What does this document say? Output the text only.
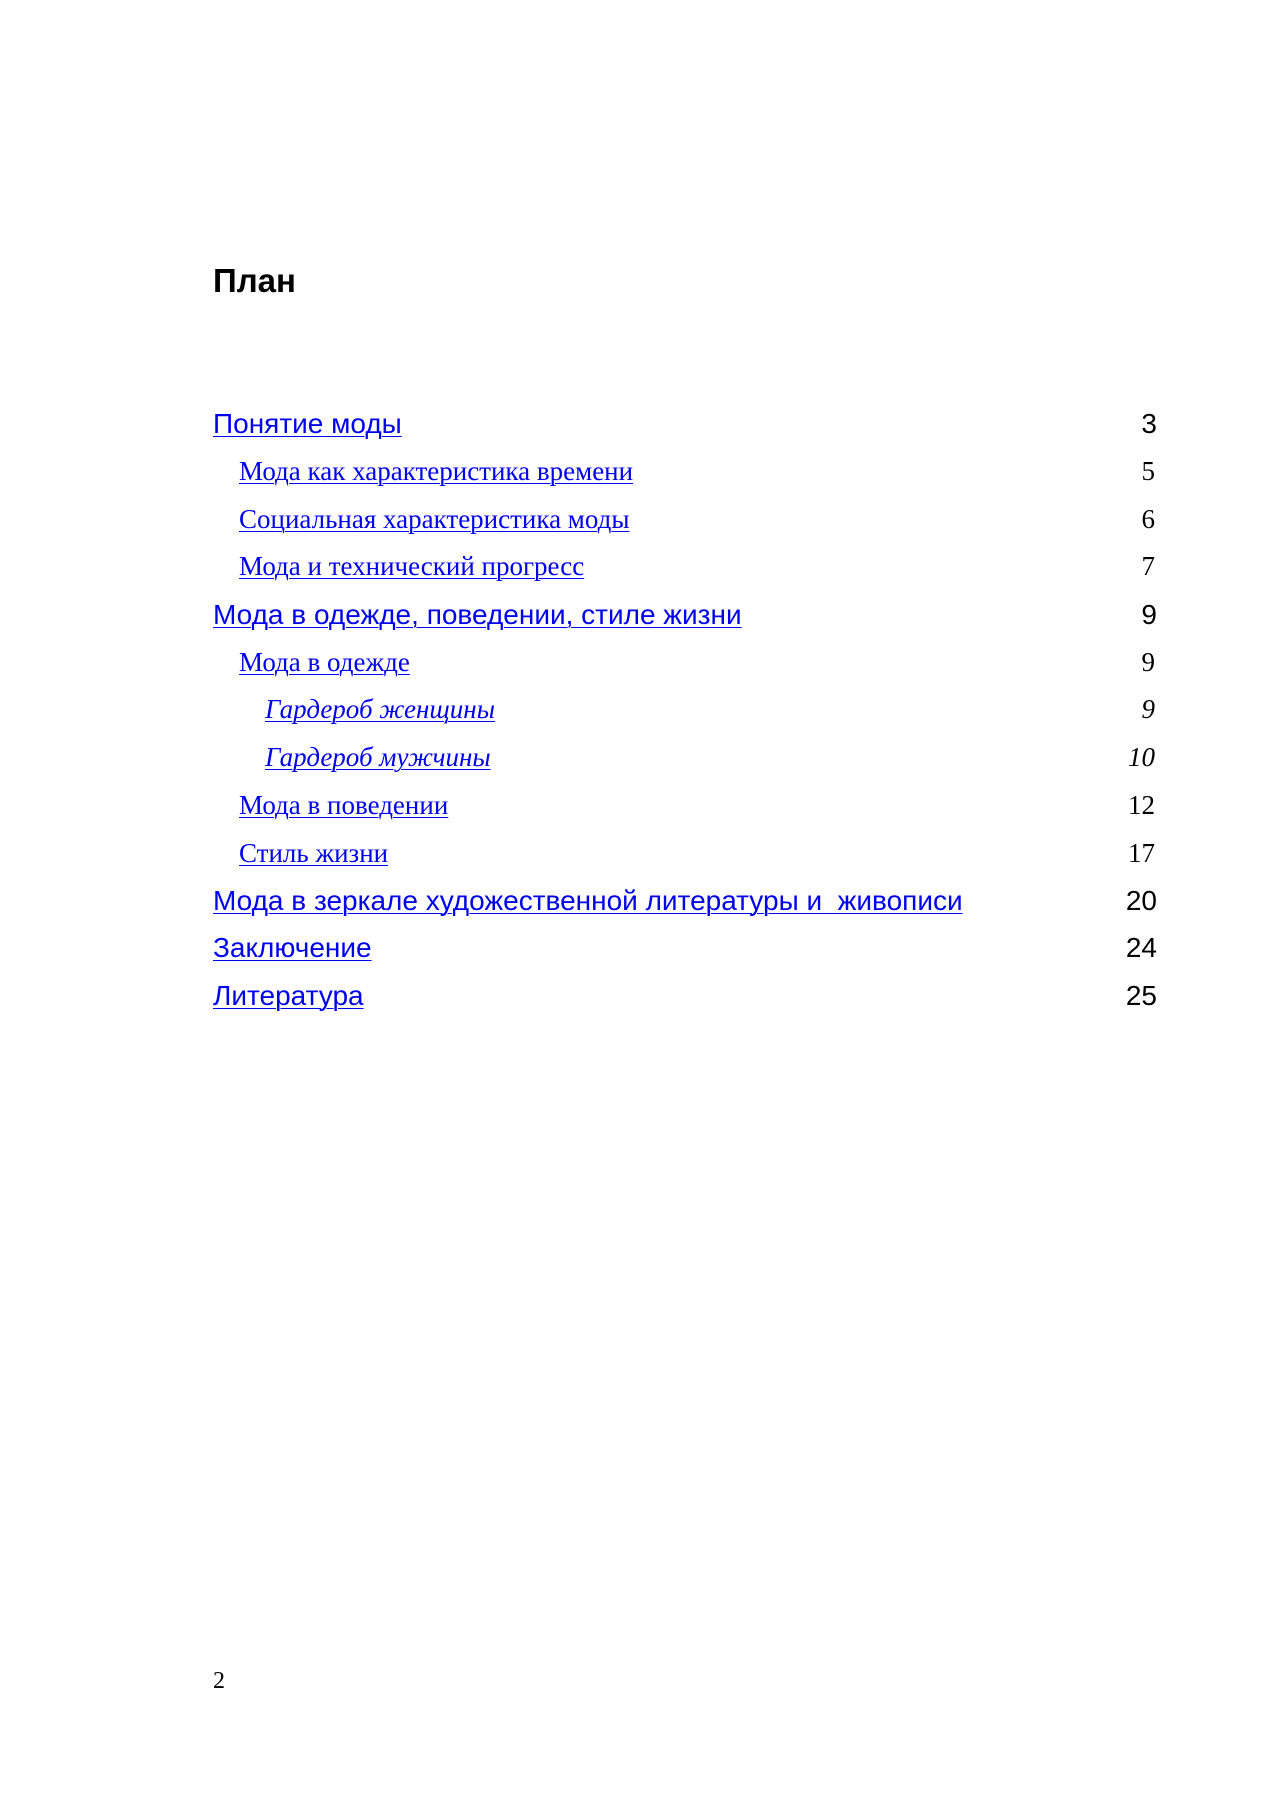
План
Понятие моды	3
Мода как характеристика времени	5
Социальная характеристика моды	6
Мода и технический прогресс	7
Мода в одежде, поведении, стиле жизни	9
Мода в одежде	9
Гардероб женщины	9
Гардероб мужчины	10
Мода в поведении	12
Стиль жизни	17
Мода в зеркале художественной литературы и  живописи	20
Заключение	24
Литература	25
2
